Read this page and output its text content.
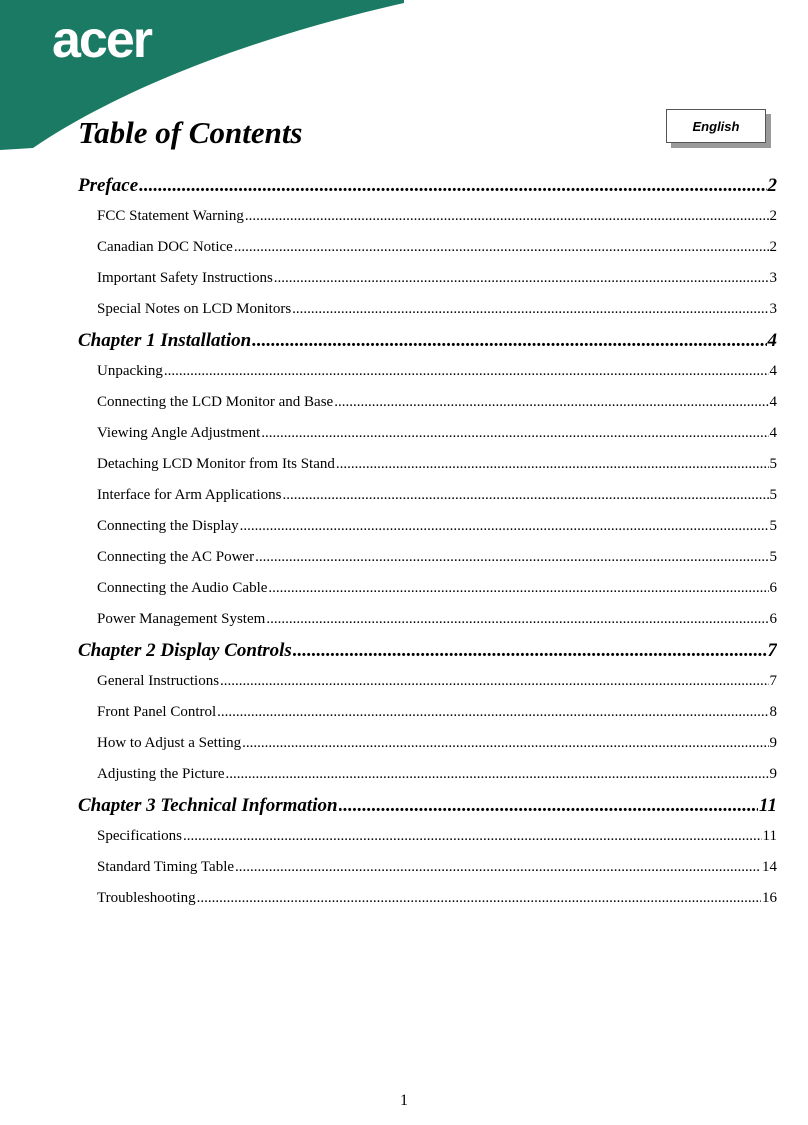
acer
English
Table of Contents
Preface .....	2
FCC Statement Warning .....	2
Canadian DOC Notice .....	2
Important Safety Instructions .....	3
Special Notes on LCD Monitors .....	3
Chapter 1 Installation .....	4
Unpacking .....	4
Connecting the LCD Monitor and Base .....	4
Viewing Angle Adjustment .....	4
Detaching LCD Monitor from Its Stand .....	5
Interface for Arm Applications .....	5
Connecting the Display .....	5
Connecting the AC Power .....	5
Connecting the Audio Cable .....	6
Power Management System .....	6
Chapter 2 Display Controls .....	7
General Instructions .....	7
Front Panel Control .....	8
How to Adjust a Setting .....	9
Adjusting the Picture .....	9
Chapter 3 Technical Information .....	11
Specifications .....	11
Standard Timing Table .....	14
Troubleshooting .....	16
1
